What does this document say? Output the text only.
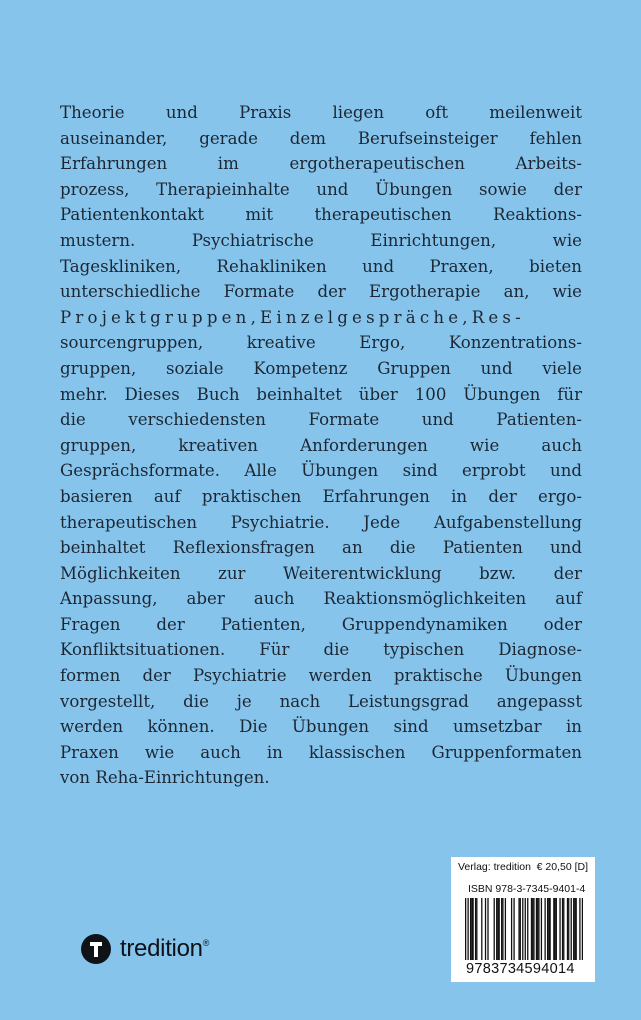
Theorie und Praxis liegen oft meilenweit
auseinander, gerade dem Berufseinsteiger fehlen
Erfahrungen im ergotherapeutischen Arbeits-
prozess, Therapieinhalte und Übungen sowie der
Patientenkontakt mit therapeutischen Reaktions-
mustern. Psychiatrische Einrichtungen, wie
Tageskliniken, Rehakliniken und Praxen, bieten
unterschiedliche Formate der Ergotherapie an, wie
Projektgruppen,Einzelgespräche,Res-
sourcengruppen, kreative Ergo, Konzentrations-
gruppen, soziale Kompetenz Gruppen und viele
mehr. Dieses Buch beinhaltet über 100 Übungen für
die verschiedensten Formate und Patienten-
gruppen, kreativen Anforderungen wie auch
Gesprächsformate. Alle Übungen sind erprobt und
basieren auf praktischen Erfahrungen in der ergo-
therapeutischen Psychiatrie. Jede Aufgabenstellung
beinhaltet Reflexionsfragen an die Patienten und
Möglichkeiten zur Weiterentwicklung bzw. der
Anpassung, aber auch Reaktionsmöglichkeiten auf
Fragen der Patienten, Gruppendynamiken oder
Konfliktsituationen. Für die typischen Diagnose-
formen der Psychiatrie werden praktische Übungen
vorgestellt, die je nach Leistungsgrad angepasst
werden können. Die Übungen sind umsetzbar in
Praxen wie auch in klassischen Gruppenformaten
von Reha-Einrichtungen.
tredition®
Verlag: tredition € 20,50 [D]
ISBN 978-3-7345-9401-4
9783734594014
